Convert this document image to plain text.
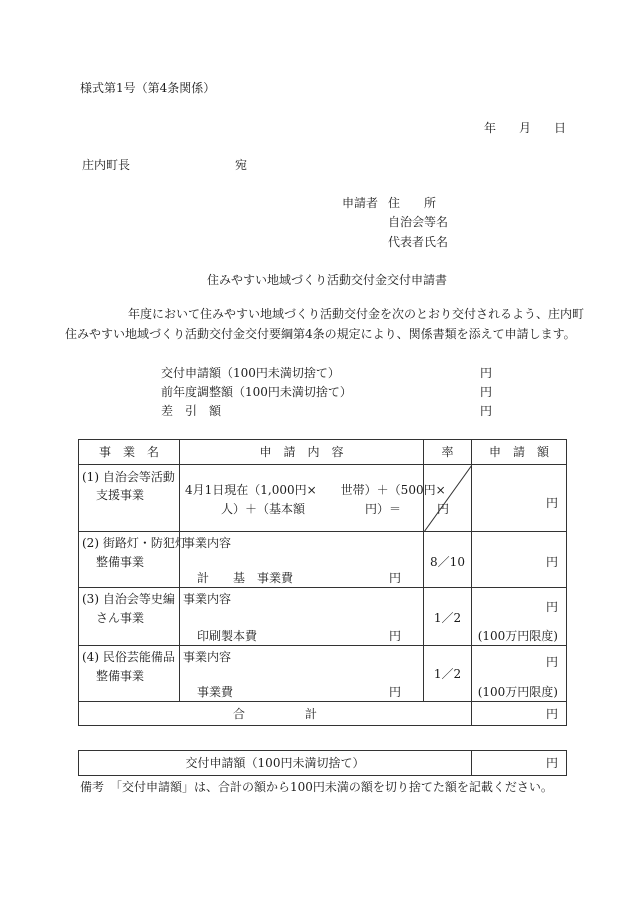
様式第1号（第4条関係）
年 月 日
庄内町長	宛
申請者 住　　所
自治会等名
代表者氏名
住みやすい地域づくり活動交付金交付申請書
年度において住みやすい地域づくり活動交付金を次のとおり交付されるよう、庄内町
住みやすい地域づくり活動交付金交付要綱第4条の規定により、関係書類を添えて申請します。
交付申請額（100円未満切捨て）	円
前年度調整額（100円未満切捨て）	円
差　引　額	円
事　業　名	申　請　内　容	率	申　請　額

(1) 自治会等活動
支援事業	4月1日現在（1,000円×　　世帯）＋（500円×
人）＋（基本額　　　　　円）＝　　　円		円

(2) 街路灯・防犯灯
整備事業	事業内容
計　　基　事業費　　　　　　　　円	8／10	円

(3) 自治会等史編
さん事業	事業内容
印刷製本費　　　　　　　　　　　円	1／2	円
(100万円限度)

(4) 民俗芸能備品
整備事業	事業内容
事業費　　　　　　　　　　　　　円	1／2	円
(100万円限度)

合　　　　　計			円
交付申請額（100円未満切捨て）	円
備考　「交付申請額」は、合計の額から100円未満の額を切り捨てた額を記載ください。
